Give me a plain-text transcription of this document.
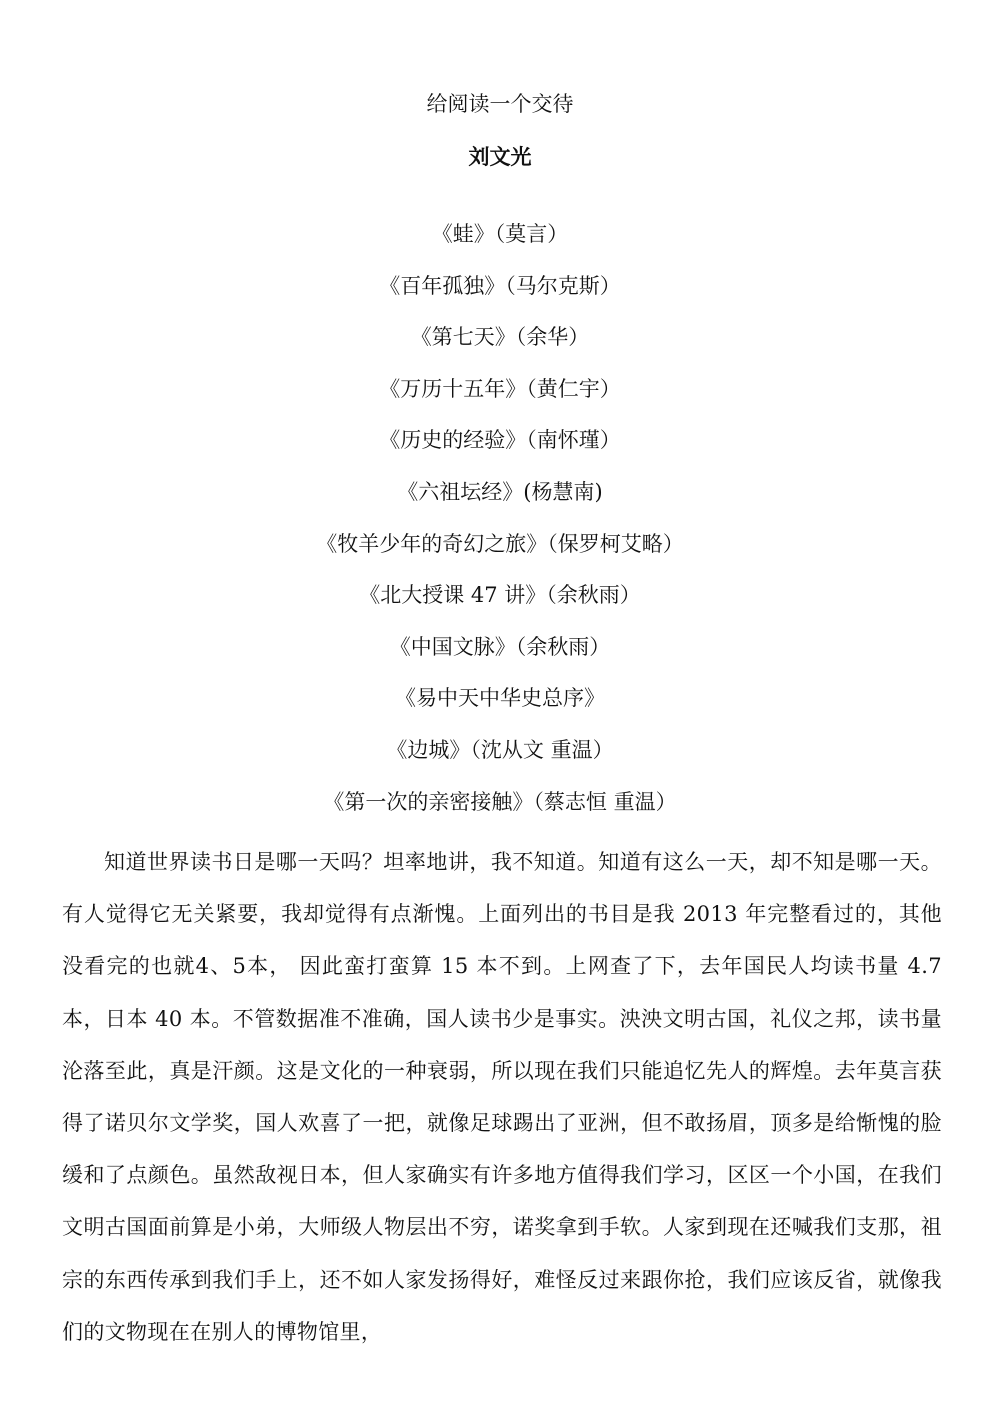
给阅读一个交待
刘文光
《蛙》（莫言）
《百年孤独》（马尔克斯）
《第七天》（余华）
《万历十五年》（黄仁宇）
《历史的经验》（南怀瑾）
《六祖坛经》(杨慧南)
《牧羊少年的奇幻之旅》（保罗柯艾略）
《北大授课 47 讲》（余秋雨）
《中国文脉》（余秋雨）
《易中天中华史总序》
《边城》（沈从文 重温）
《第一次的亲密接触》（蔡志恒 重温）

知道世界读书日是哪一天吗？坦率地讲，我不知道。知道有这么一天，却不知是哪一天。有人觉得它无关紧要，我却觉得有点渐愧。上面列出的书目是我 2013 年完整看过的，其他没看完的也就4、5本， 因此蛮打蛮算 15 本不到。上网查了下，去年国民人均读书量 4.7本，日本 40 本。不管数据准不准确，国人读书少是事实。泱泱文明古国，礼仪之邦，读书量沦落至此，真是汗颜。这是文化的一种衰弱，所以现在我们只能追忆先人的辉煌。去年莫言获得了诺贝尔文学奖，国人欢喜了一把，就像足球踢出了亚洲，但不敢扬眉，顶多是给惭愧的脸缓和了点颜色。虽然敌视日本，但人家确实有许多地方值得我们学习，区区一个小国，在我们文明古国面前算是小弟，大师级人物层出不穷，诺奖拿到手软。人家到现在还喊我们支那，祖宗的东西传承到我们手上，还不如人家发扬得好，难怪反过来跟你抢，我们应该反省，就像我们的文物现在在别人的博物馆里，
